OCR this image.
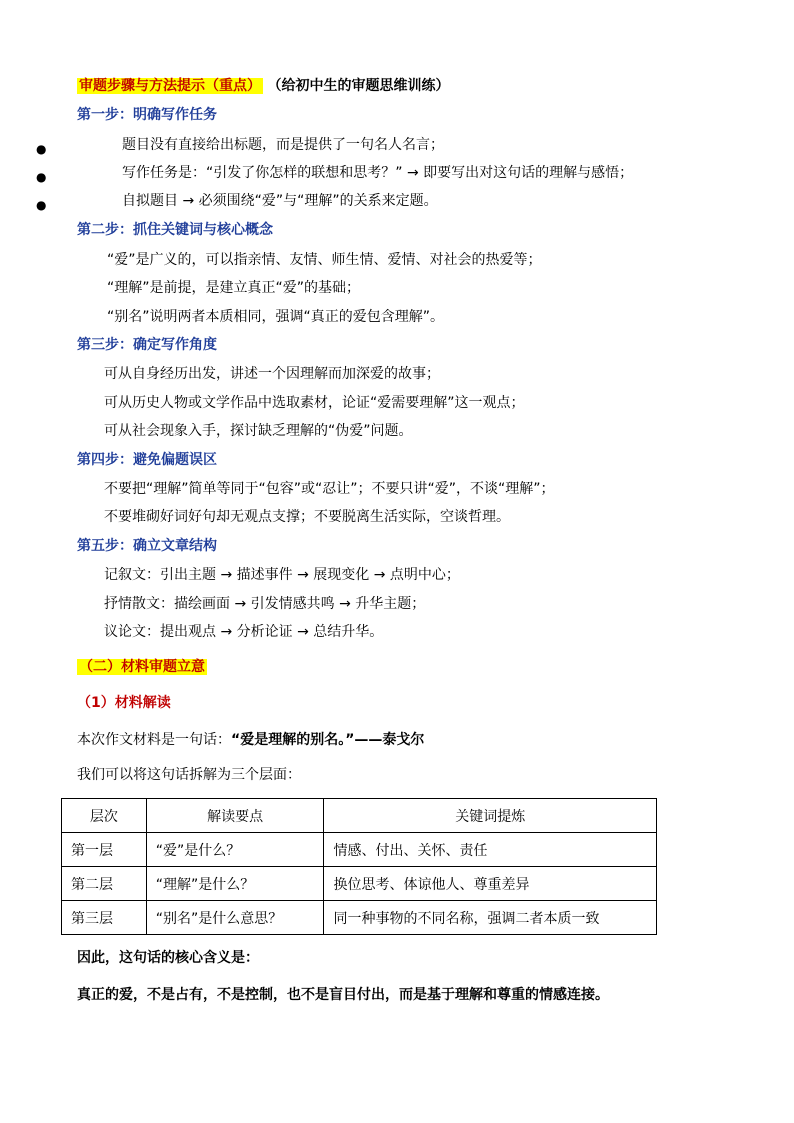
审题步骤与方法提示（重点） （给初中生的审题思维训练）
第一步：明确写作任务
●	题目没有直接给出标题，而是提供了一句名人名言；
●	写作任务是：“引发了你怎样的联想和思考？” → 即要写出对这句话的理解与感悟；
●	自拟题目 → 必须围绕“爱”与“理解”的关系来定题。
第二步：抓住关键词与核心概念
“爱”是广义的，可以指亲情、友情、师生情、爱情、对社会的热爱等；
“理解”是前提，是建立真正“爱”的基础；
“别名”说明两者本质相同，强调“真正的爱包含理解”。
第三步：确定写作角度
可从自身经历出发，讲述一个因理解而加深爱的故事；
可从历史人物或文学作品中选取素材，论证“爱需要理解”这一观点；
可从社会现象入手，探讨缺乏理解的“伪爱”问题。
第四步：避免偏题误区
不要把“理解”简单等同于“包容”或“忍让”；不要只讲“爱”，不谈“理解”；
不要堆砌好词好句却无观点支撑；不要脱离生活实际，空谈哲理。
第五步：确立文章结构
记叙文：引出主题 → 描述事件 → 展现变化 → 点明中心；
抒情散文：描绘画面 → 引发情感共鸣 → 升华主题；
议论文：提出观点 → 分析论证 → 总结升华。
（二）材料审题立意
（1）材料解读
本次作文材料是一句话：“爱是理解的别名。”——泰戈尔
我们可以将这句话拆解为三个层面：
层次	解读要点	关键词提炼
第一层	“爱”是什么？	情感、付出、关怀、责任
第二层	“理解”是什么？	换位思考、体谅他人、尊重差异
第三层	“别名”是什么意思？	同一种事物的不同名称，强调二者本质一致
因此，这句话的核心含义是：
真正的爱，不是占有，不是控制，也不是盲目付出，而是基于理解和尊重的情感连接。
